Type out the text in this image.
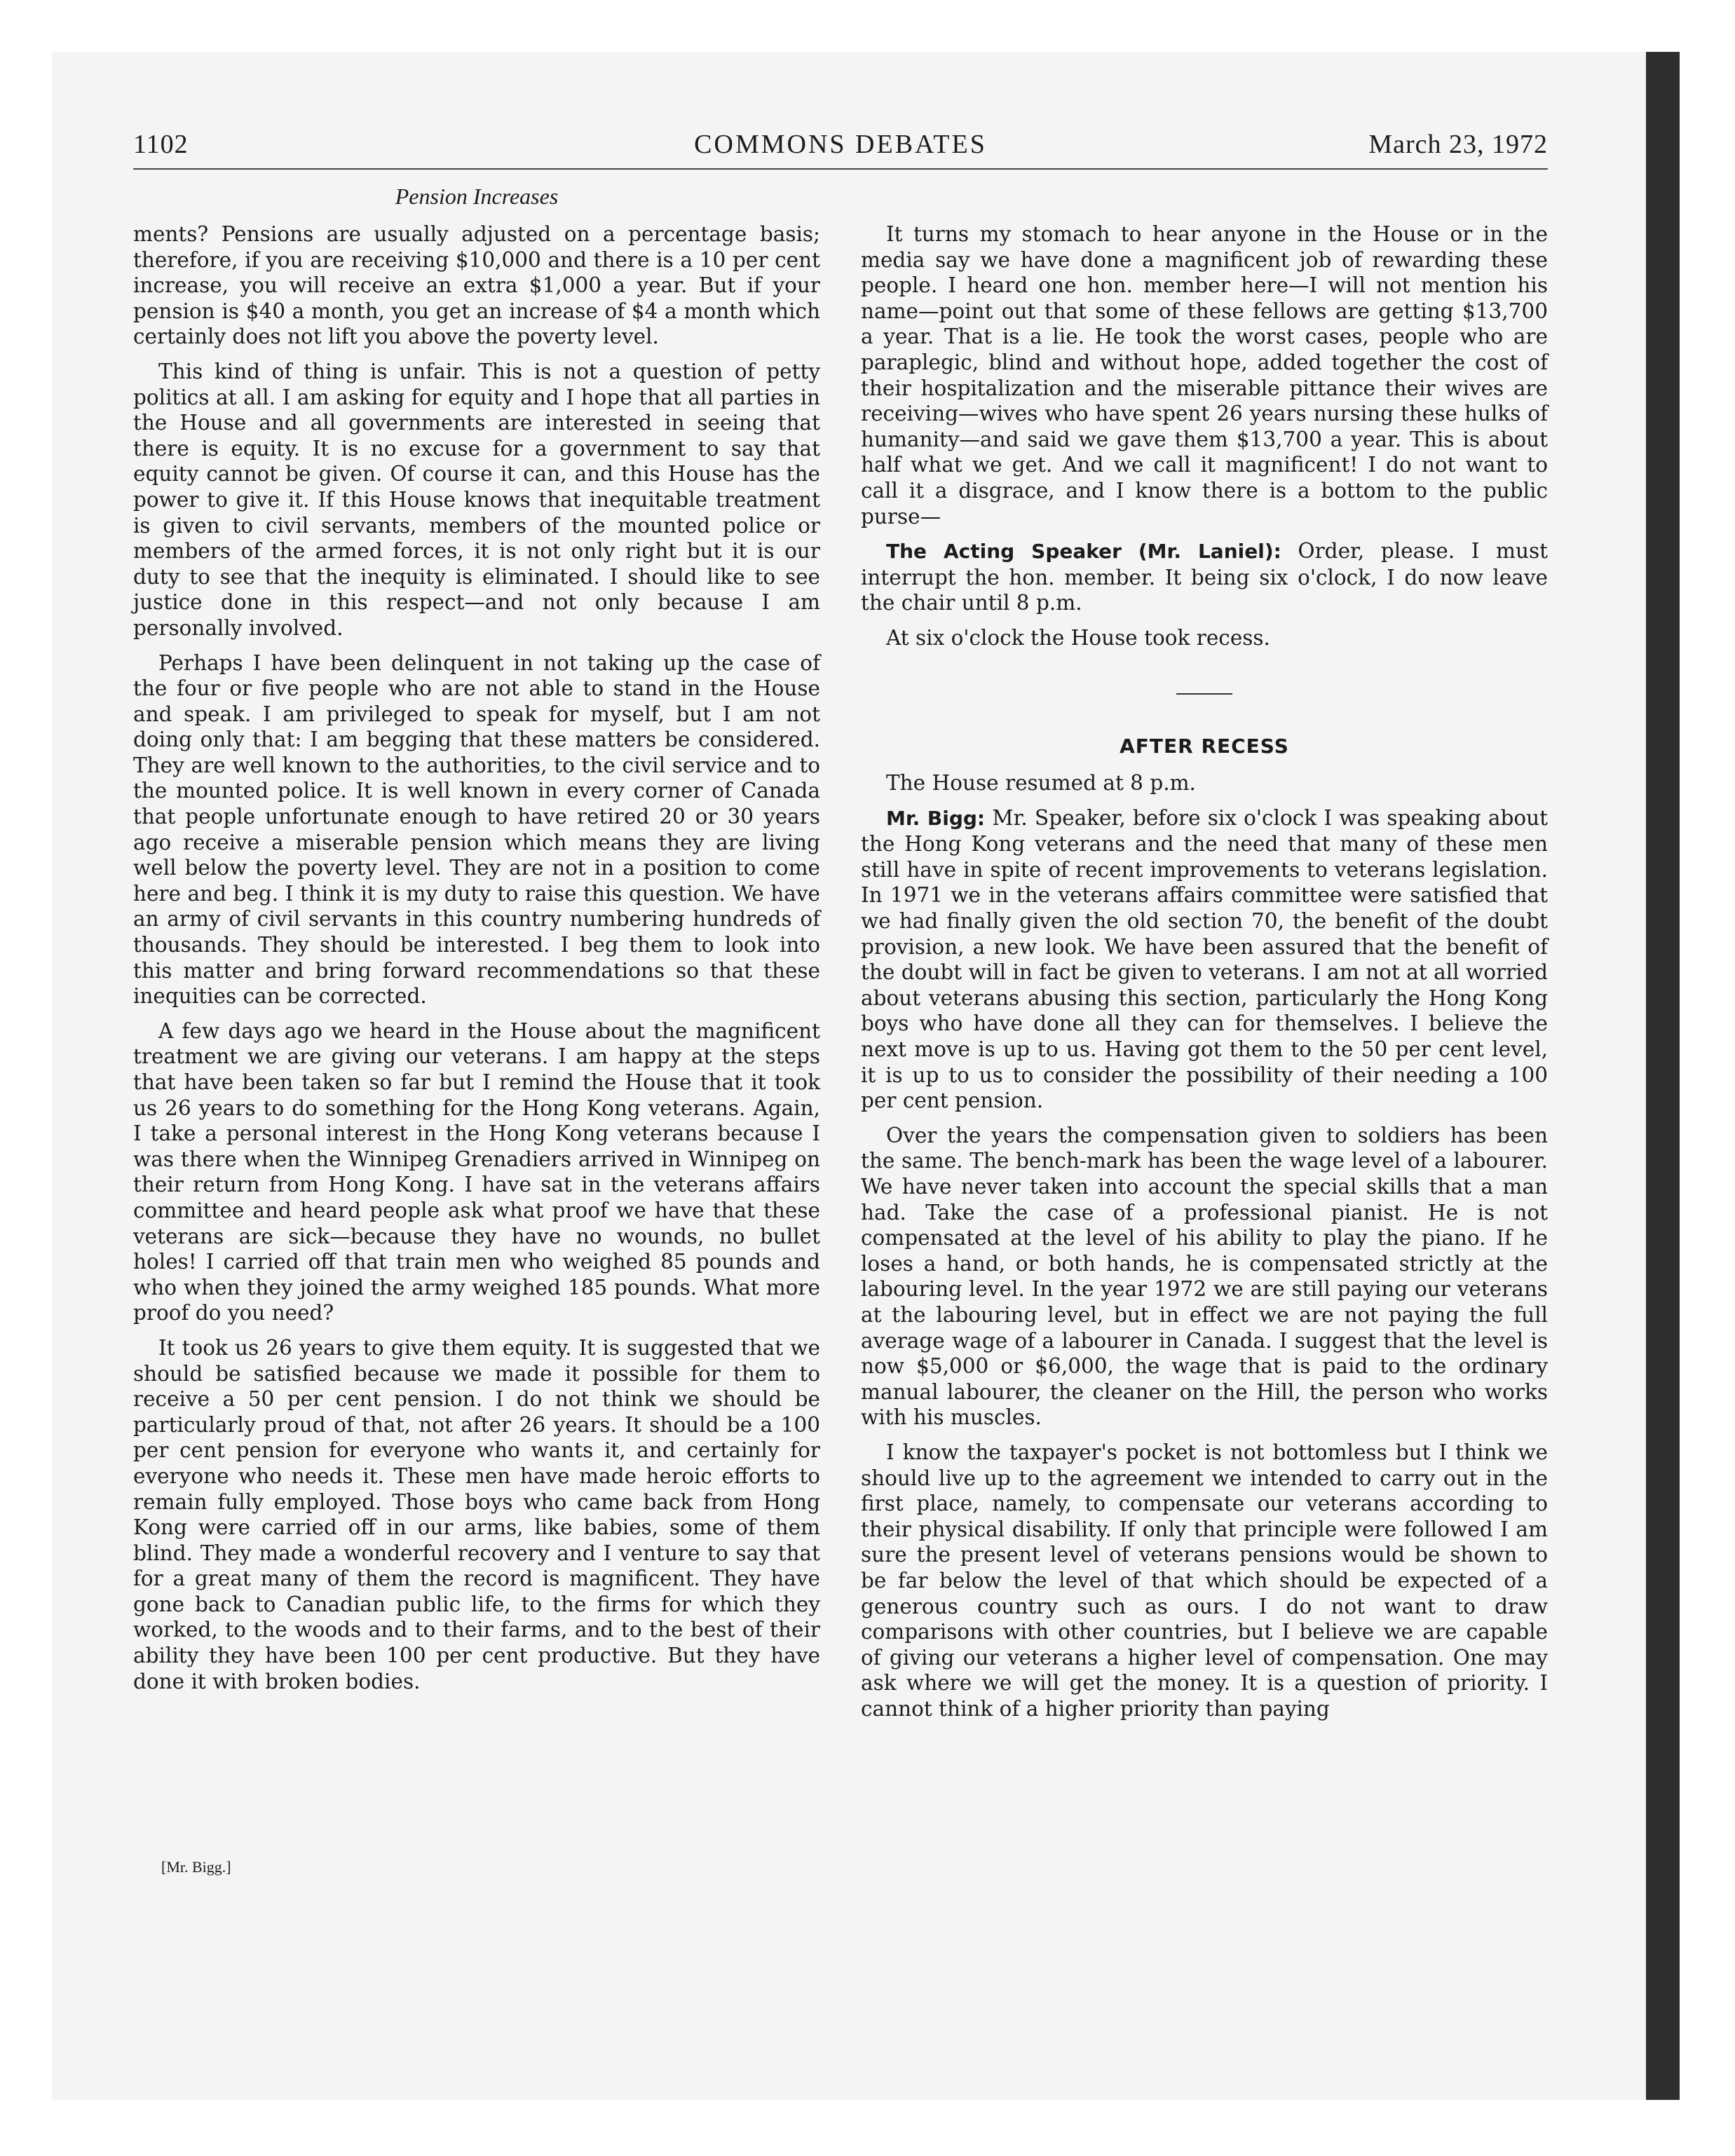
1102	COMMONS DEBATES	March 23, 1972
Pension Increases

ments? Pensions are usually adjusted on a percentage basis; therefore, if you are receiving $10,000 and there is a 10 per cent increase, you will receive an extra $1,000 a year. But if your pension is $40 a month, you get an increase of $4 a month which certainly does not lift you above the poverty level.

This kind of thing is unfair. This is not a question of petty politics at all. I am asking for equity and I hope that all parties in the House and all governments are interested in seeing that there is equity. It is no excuse for a government to say that equity cannot be given. Of course it can, and this House has the power to give it. If this House knows that inequitable treatment is given to civil servants, members of the mounted police or members of the armed forces, it is not only right but it is our duty to see that the inequity is eliminated. I should like to see justice done in this respect—and not only because I am personally involved.

Perhaps I have been delinquent in not taking up the case of the four or five people who are not able to stand in the House and speak. I am privileged to speak for myself, but I am not doing only that: I am begging that these matters be considered. They are well known to the authorities, to the civil service and to the mounted police. It is well known in every corner of Canada that people unfortunate enough to have retired 20 or 30 years ago receive a miserable pension which means they are living well below the poverty level. They are not in a position to come here and beg. I think it is my duty to raise this question. We have an army of civil servants in this country numbering hundreds of thousands. They should be interested. I beg them to look into this matter and bring forward recommendations so that these inequities can be corrected.

A few days ago we heard in the House about the magnificent treatment we are giving our veterans. I am happy at the steps that have been taken so far but I remind the House that it took us 26 years to do something for the Hong Kong veterans. Again, I take a personal interest in the Hong Kong veterans because I was there when the Winnipeg Grenadiers arrived in Winnipeg on their return from Hong Kong. I have sat in the veterans affairs committee and heard people ask what proof we have that these veterans are sick—because they have no wounds, no bullet holes! I carried off that train men who weighed 85 pounds and who when they joined the army weighed 185 pounds. What more proof do you need?

It took us 26 years to give them equity. It is suggested that we should be satisfied because we made it possible for them to receive a 50 per cent pension. I do not think we should be particularly proud of that, not after 26 years. It should be a 100 per cent pension for everyone who wants it, and certainly for everyone who needs it. These men have made heroic efforts to remain fully employed. Those boys who came back from Hong Kong were carried off in our arms, like babies, some of them blind. They made a wonderful recovery and I venture to say that for a great many of them the record is magnificent. They have gone back to Canadian public life, to the firms for which they worked, to the woods and to their farms, and to the best of their ability they have been 100 per cent productive. But they have done it with broken bodies.

[Mr. Bigg.]

It turns my stomach to hear anyone in the House or in the media say we have done a magnificent job of rewarding these people. I heard one hon. member here—I will not mention his name—point out that some of these fellows are getting $13,700 a year. That is a lie. He took the worst cases, people who are paraplegic, blind and without hope, added together the cost of their hospitalization and the miserable pittance their wives are receiving—wives who have spent 26 years nursing these hulks of humanity—and said we gave them $13,700 a year. This is about half what we get. And we call it magnificent! I do not want to call it a disgrace, and I know there is a bottom to the public purse—

The Acting Speaker (Mr. Laniel): Order, please. I must interrupt the hon. member. It being six o'clock, I do now leave the chair until 8 p.m.

At six o'clock the House took recess.

AFTER RECESS

The House resumed at 8 p.m.

Mr. Bigg: Mr. Speaker, before six o'clock I was speaking about the Hong Kong veterans and the need that many of these men still have in spite of recent improvements to veterans legislation. In 1971 we in the veterans affairs committee were satisfied that we had finally given the old section 70, the benefit of the doubt provision, a new look. We have been assured that the benefit of the doubt will in fact be given to veterans. I am not at all worried about veterans abusing this section, particularly the Hong Kong boys who have done all they can for themselves. I believe the next move is up to us. Having got them to the 50 per cent level, it is up to us to consider the possibility of their needing a 100 per cent pension.

Over the years the compensation given to soldiers has been the same. The bench-mark has been the wage level of a labourer. We have never taken into account the special skills that a man had. Take the case of a professional pianist. He is not compensated at the level of his ability to play the piano. If he loses a hand, or both hands, he is compensated strictly at the labouring level. In the year 1972 we are still paying our veterans at the labouring level, but in effect we are not paying the full average wage of a labourer in Canada. I suggest that the level is now $5,000 or $6,000, the wage that is paid to the ordinary manual labourer, the cleaner on the Hill, the person who works with his muscles.

I know the taxpayer's pocket is not bottomless but I think we should live up to the agreement we intended to carry out in the first place, namely, to compensate our veterans according to their physical disability. If only that principle were followed I am sure the present level of veterans pensions would be shown to be far below the level of that which should be expected of a generous country such as ours. I do not want to draw comparisons with other countries, but I believe we are capable of giving our veterans a higher level of compensation. One may ask where we will get the money. It is a question of priority. I cannot think of a higher priority than paying
